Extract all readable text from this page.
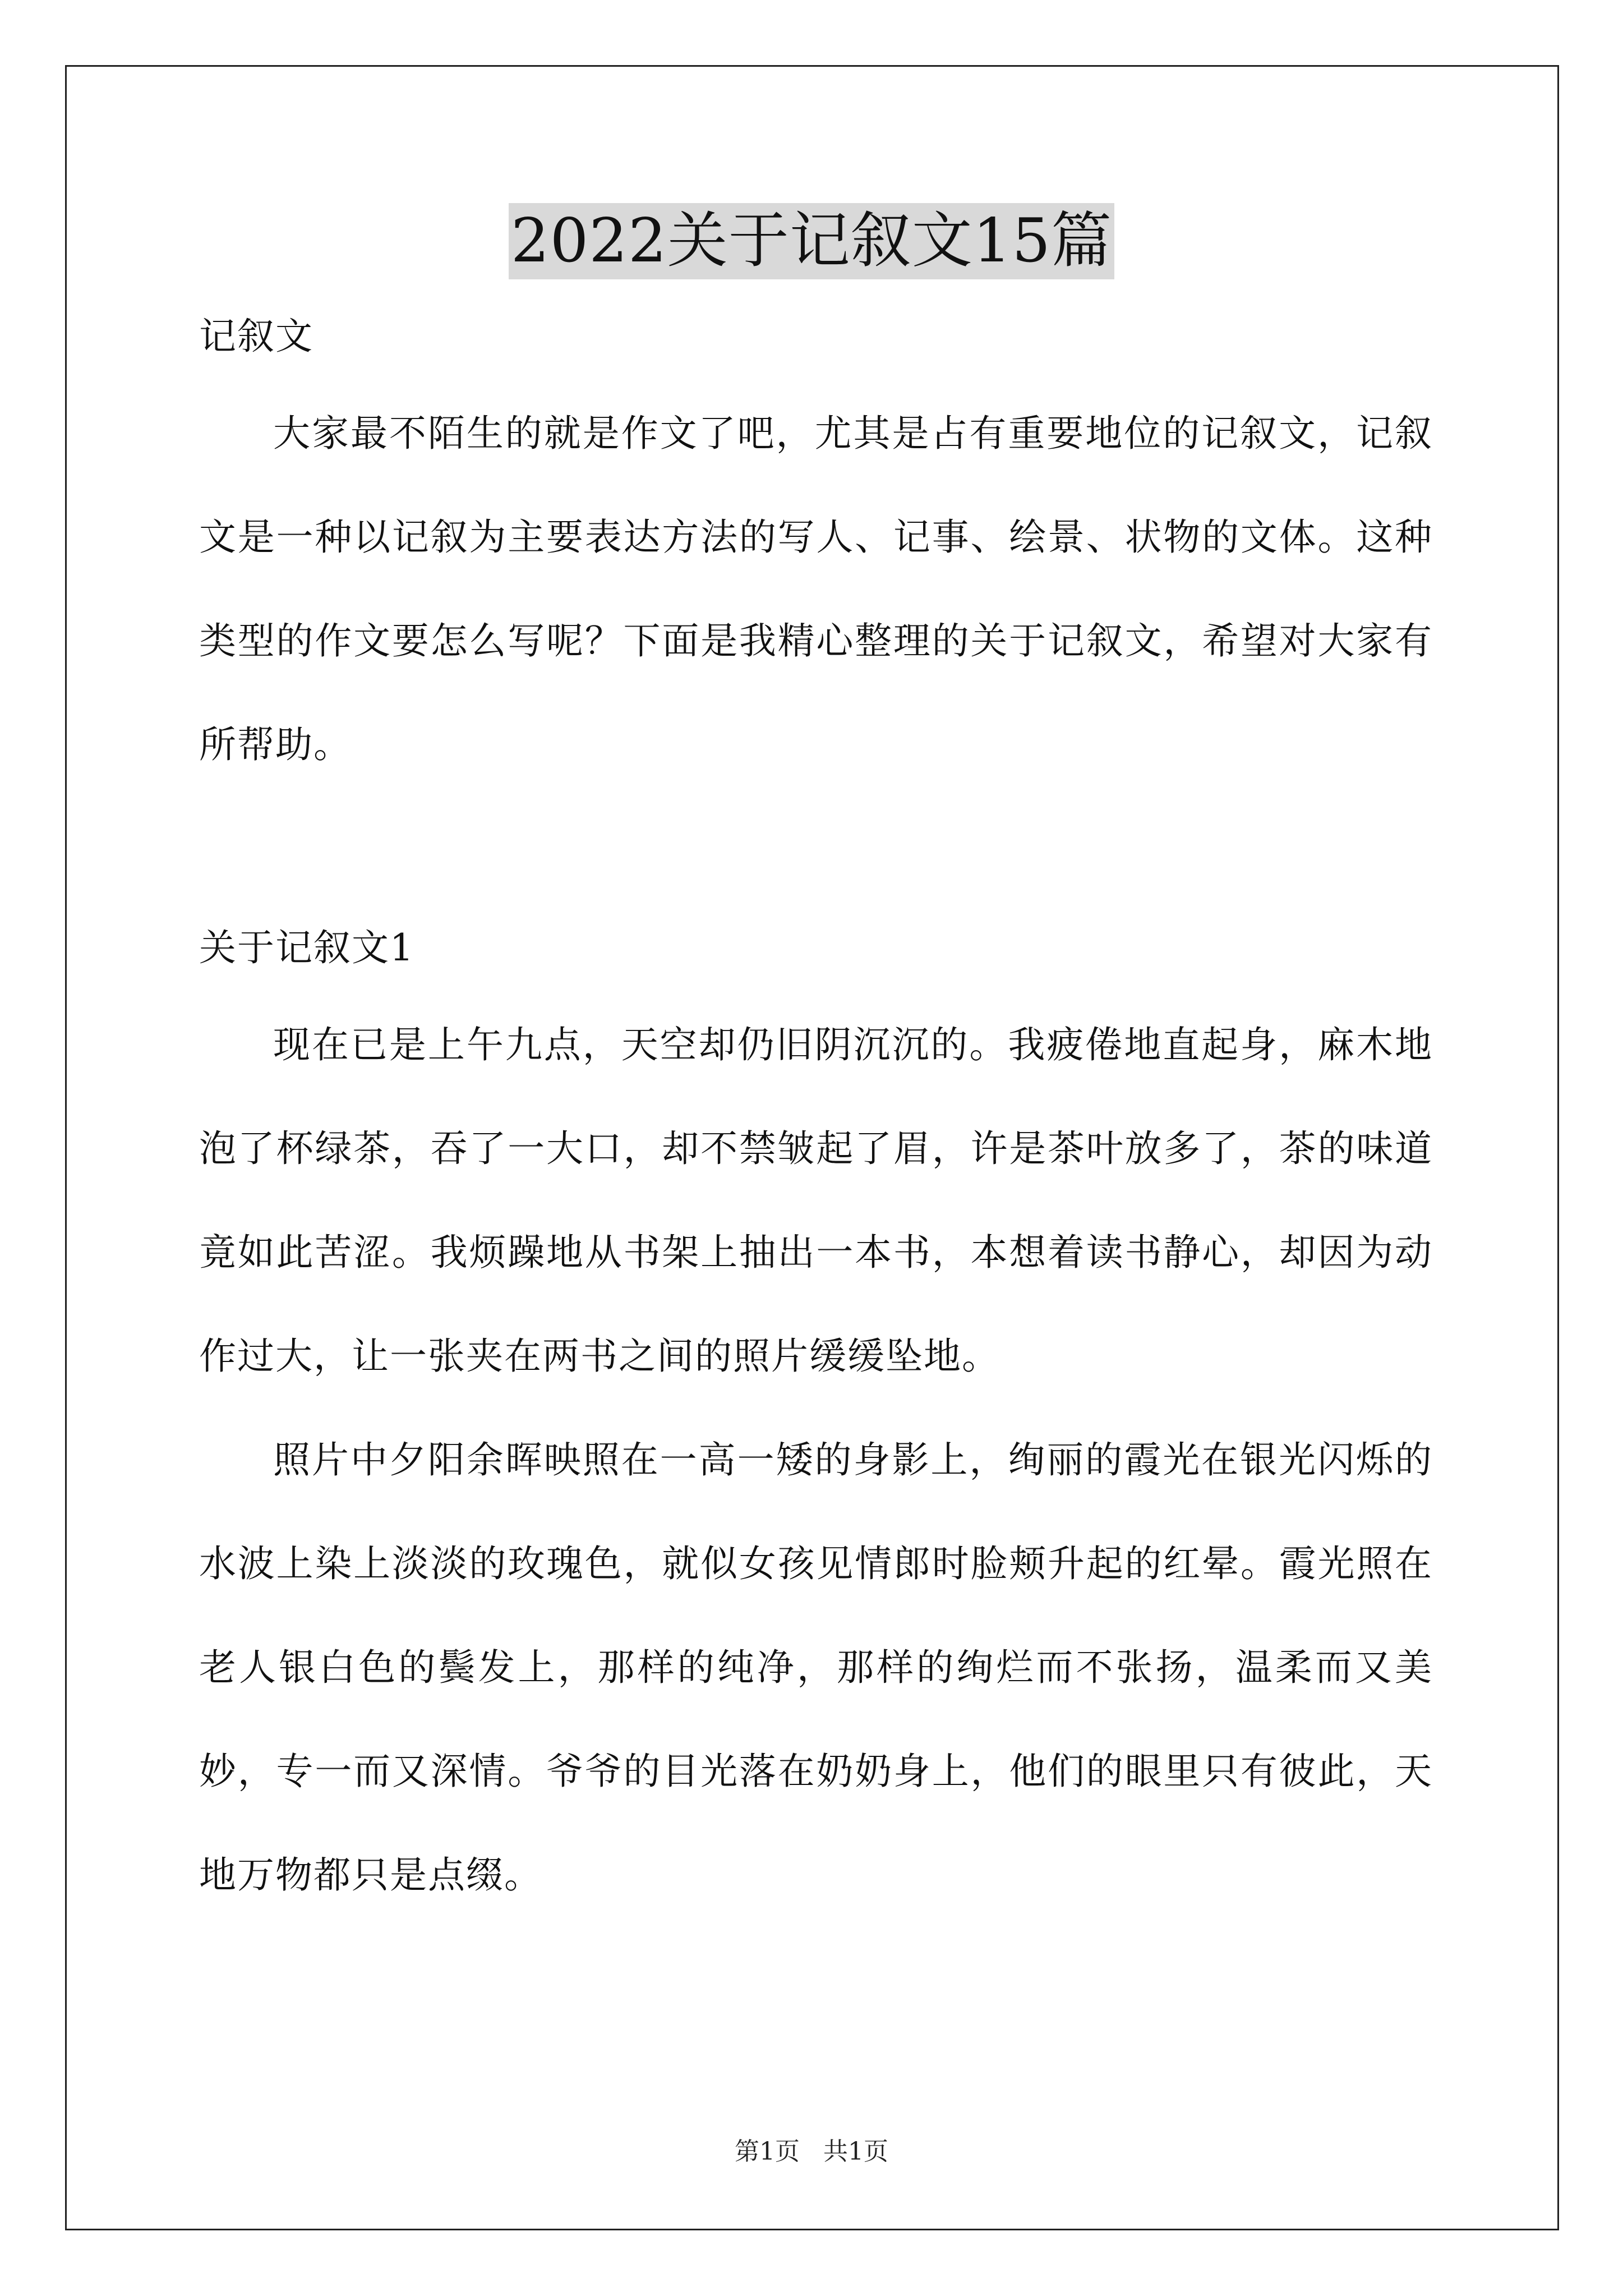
2022关于记叙文15篇

记叙文

大家最不陌生的就是作文了吧，尤其是占有重要地位的记叙文，记叙文是一种以记叙为主要表达方法的写人、记事、绘景、状物的文体。这种类型的作文要怎么写呢？下面是我精心整理的关于记叙文，希望对大家有所帮助。

关于记叙文1

现在已是上午九点，天空却仍旧阴沉沉的。我疲倦地直起身，麻木地泡了杯绿茶，吞了一大口，却不禁皱起了眉，许是茶叶放多了，茶的味道竟如此苦涩。我烦躁地从书架上抽出一本书，本想着读书静心，却因为动作过大，让一张夹在两书之间的照片缓缓坠地。

照片中夕阳余晖映照在一高一矮的身影上，绚丽的霞光在银光闪烁的水波上染上淡淡的玫瑰色，就似女孩见情郎时脸颊升起的红晕。霞光照在老人银白色的鬓发上，那样的纯净，那样的绚烂而不张扬，温柔而又美妙，专一而又深情。爷爷的目光落在奶奶身上，他们的眼里只有彼此，天地万物都只是点缀。

第1页 共1页
